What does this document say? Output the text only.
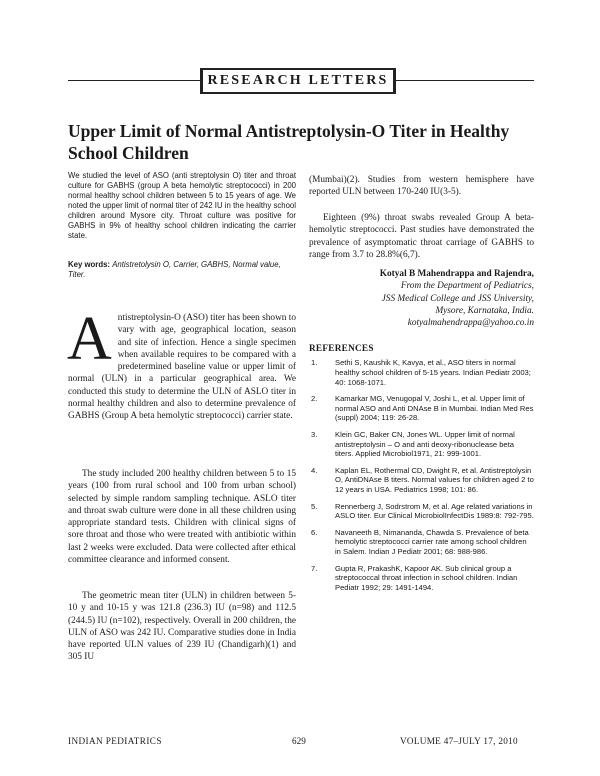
RESEARCH LETTERS
Upper Limit of Normal Antistreptolysin-O Titer in Healthy School Children

We studied the level of ASO (anti streptolysin O) titer and throat culture for GABHS (group A beta hemolytic streptococci) in 200 normal healthy school children between 5 to 15 years of age. We noted the upper limit of normal titer of 242 IU in the healthy school children around Mysore city. Throat culture was positive for GABHS in 9% of healthy school children indicating the carrier state.

Key words: Antistretolysin O, Carrier, GABHS, Normal value, Titer.

A ntistreptolysin-O (ASO) titer has been shown to vary with age, geographical location, season and site of infection. Hence a single specimen when available requires to be compared with a predetermined baseline value or upper limit of normal (ULN) in a particular geographical area. We conducted this study to determine the ULN of ASLO titer in normal healthy children and also to determine prevalence of GABHS (Group A beta hemolytic streptococci) carrier state.

The study included 200 healthy children between 5 to 15 years (100 from rural school and 100 from urban school) selected by simple random sampling technique. ASLO titer and throat swab culture were done in all these children using appropriate standard tests. Children with clinical signs of sore throat and those who were treated with antibiotic within last 2 weeks were excluded. Data were collected after ethical committee clearance and informed consent.

The geometric mean titer (ULN) in children between 5-10 y and 10-15 y was 121.8 (236.3) IU (n=98) and 112.5 (244.5) IU (n=102), respectively. Overall in 200 children, the ULN of ASO was 242 IU. Comparative studies done in India have reported ULN values of 239 IU (Chandigarh)(1) and 305 IU

(Mumbai)(2). Studies from western hemisphere have reported ULN between 170-240 IU(3-5).

Eighteen (9%) throat swabs revealed Group A beta-hemolytic streptococci. Past studies have demonstrated the prevalence of asymptomatic throat carriage of GABHS to range from 3.7 to 28.8%(6,7).

Kotyal B Mahendrappa and Rajendra,
From the Department of Pediatrics,
JSS Medical College and JSS University,
Mysore, Karnataka, India.
kotyalmahendrappa@yahoo.co.in
REFERENCES
1.	Sethi S, Kaushik K, Kavya, et al., ASO titers in normal healthy school children of 5-15 years. Indian Pediatr 2003; 40: 1068-1071.
2.	Kamarkar MG, Venugopal V, Joshi L, et al. Upper limit of normal ASO and Anti DNAse B in Mumbai. Indian Med Res (suppl) 2004; 119: 26-28.
3.	Klein GC, Baker CN, Jones WL. Upper limit of normal antistreptolysin – O and anti deoxy-ribonuclease beta titers. Applied Microbiol1971, 21: 999-1001.
4.	Kaplan EL, Rothermal CD, Dwight R, et al. Antistreptolysin O, AntiDNAse B titers. Normal values for children aged 2 to 12 years in USA. Pediatrics 1998; 101: 86.
5.	Rennerberg J, Sodrstrom M, et al. Age related variations in ASLO titer. Eur Clinical MicrobiolInfectDis 1989:8: 792-795.
6.	Navaneeth B, Nimananda, Chawda S. Prevalence of beta hemolytic streptococci carrier rate among school children in Salem. Indian J Pediatr 2001; 68: 988-986.
7.	Gupta R, PrakashK, Kapoor AK. Sub clinical group a streptococcal throat infection in school children. Indian Pediatr 1992; 29: 1491-1494.
INDIAN PEDIATRICS	629	VOLUME 47–JULY 17, 2010
